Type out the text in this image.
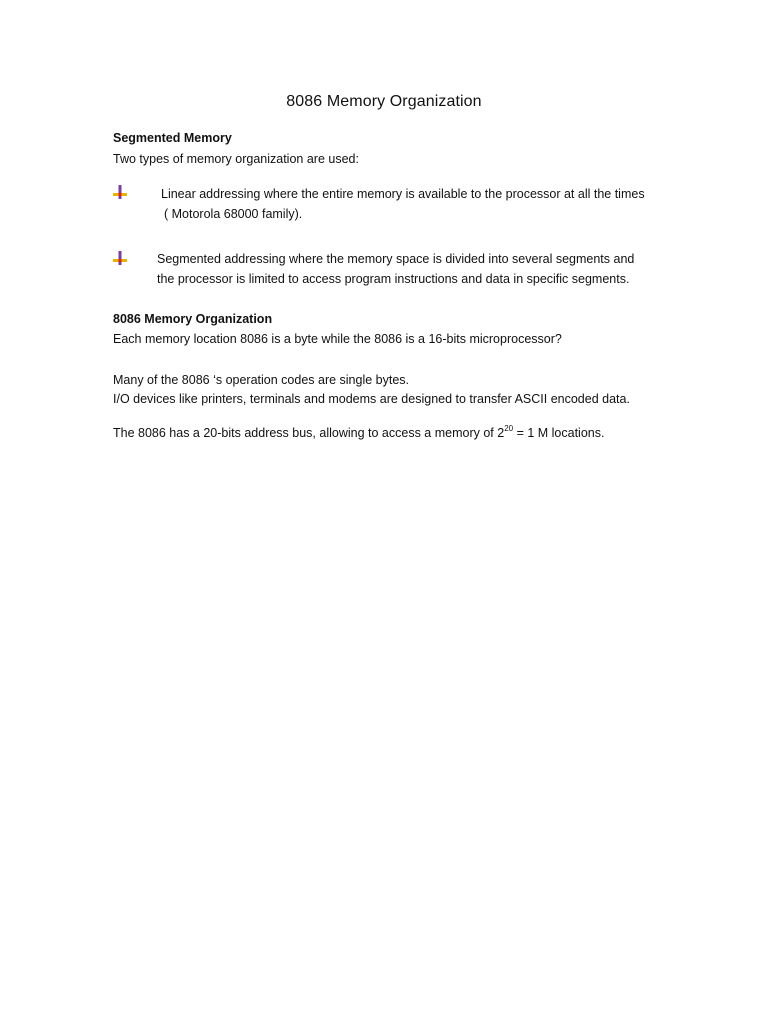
8086 Memory Organization
Segmented Memory
Two types of memory organization are used:
Linear addressing where the entire memory is available to the processor at all the times
( Motorola 68000 family).
Segmented addressing where the memory space is divided into several segments and
the processor is limited to access program instructions and data in specific segments.
8086 Memory Organization
Each memory location 8086 is a byte while the 8086 is a 16-bits microprocessor?
Many of the 8086 ‘s operation codes are single bytes.
I/O devices like printers, terminals and modems are designed to transfer ASCII encoded data.
The 8086 has a 20-bits address bus, allowing to access a memory of $2^{20} = 1$ M locations.
